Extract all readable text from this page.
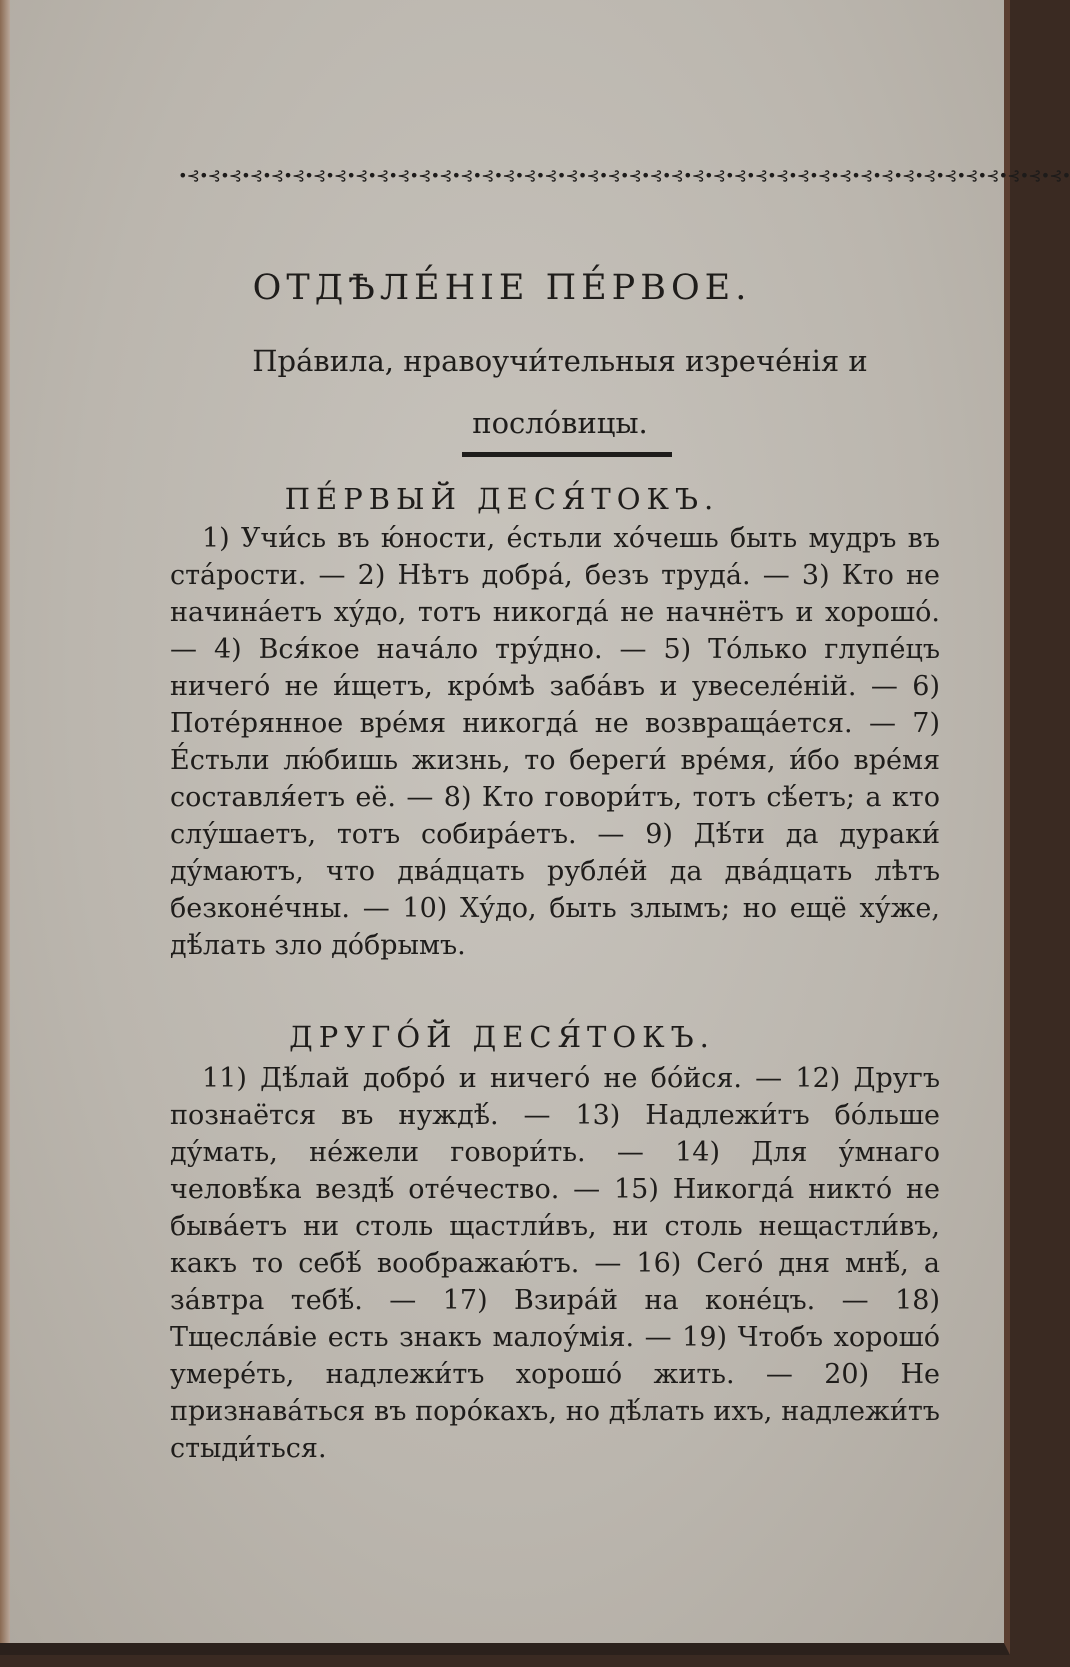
•⊰•⊰•⊰•⊰•⊰•⊰•⊰•⊰•⊰•⊰•⊰•⊰•⊰•⊰•⊰•⊰•⊰•⊰•⊰•⊰•⊰•⊰•⊰•⊰•⊰•⊰•⊰•⊰•⊰•⊰•⊰•⊰•⊰•⊰•⊰•⊰•⊰•⊰•⊰•⊰•⊰•⊰•
ОТДѢЛЕ́НІЕ ПЕ́РВОЕ.
Пра́вила, нравоучи́тельныя изрече́нія и посло́вицы.
ПЕ́РВЫЙ ДЕСЯ́ТОКЪ.

1) Учи́сь въ ю́ности, е́стьли хо́чешь быть мудръ въ ста́рости. — 2) Нѣтъ добра́, безъ труда́. — 3) Кто не начина́етъ ху́до, тотъ никогда́ не начнётъ и хорошо́. — 4) Вся́кое нача́ло тру́дно. — 5) То́лько глупе́цъ ничего́ не и́щетъ, кро́мѣ заба́въ и увеселе́ній. — 6) Поте́рянное вре́мя никогда́ не возвраща́ется. — 7) Е́стьли лю́бишь жизнь, то береги́ вре́мя, и́бо вре́мя составля́етъ её. — 8) Кто говори́тъ, тотъ сѣ́етъ; а кто слу́шаетъ, тотъ собира́етъ. — 9) Дѣ́ти да дураки́ ду́маютъ, что два́дцать рубле́й да два́дцать лѣтъ безконе́чны. — 10) Ху́до, быть злымъ; но ещё ху́же, дѣ́лать зло до́брымъ.

ДРУГО́Й ДЕСЯ́ТОКЪ.

11) Дѣ́лай добро́ и ничего́ не бо́йся. — 12) Другъ познаётся въ нуждѣ́. — 13) Надлежи́тъ бо́льше ду́мать, не́жели говори́ть. — 14) Для у́мнаго человѣ́ка вездѣ́ оте́чество. — 15) Никогда́ никто́ не быва́етъ ни столь щастли́въ, ни столь нещастли́въ, какъ то себѣ́ воображаю́тъ. — 16) Сего́ дня мнѣ́, а за́втра тебѣ́. — 17) Взира́й на коне́цъ. — 18) Тщесла́віе есть знакъ малоу́мія. — 19) Чтобъ хорошо́ умере́ть, надлежи́тъ хорошо́ жить. — 20) Не признава́ться въ поро́кахъ, но дѣ́лать ихъ, надлежи́тъ стыди́ться.
